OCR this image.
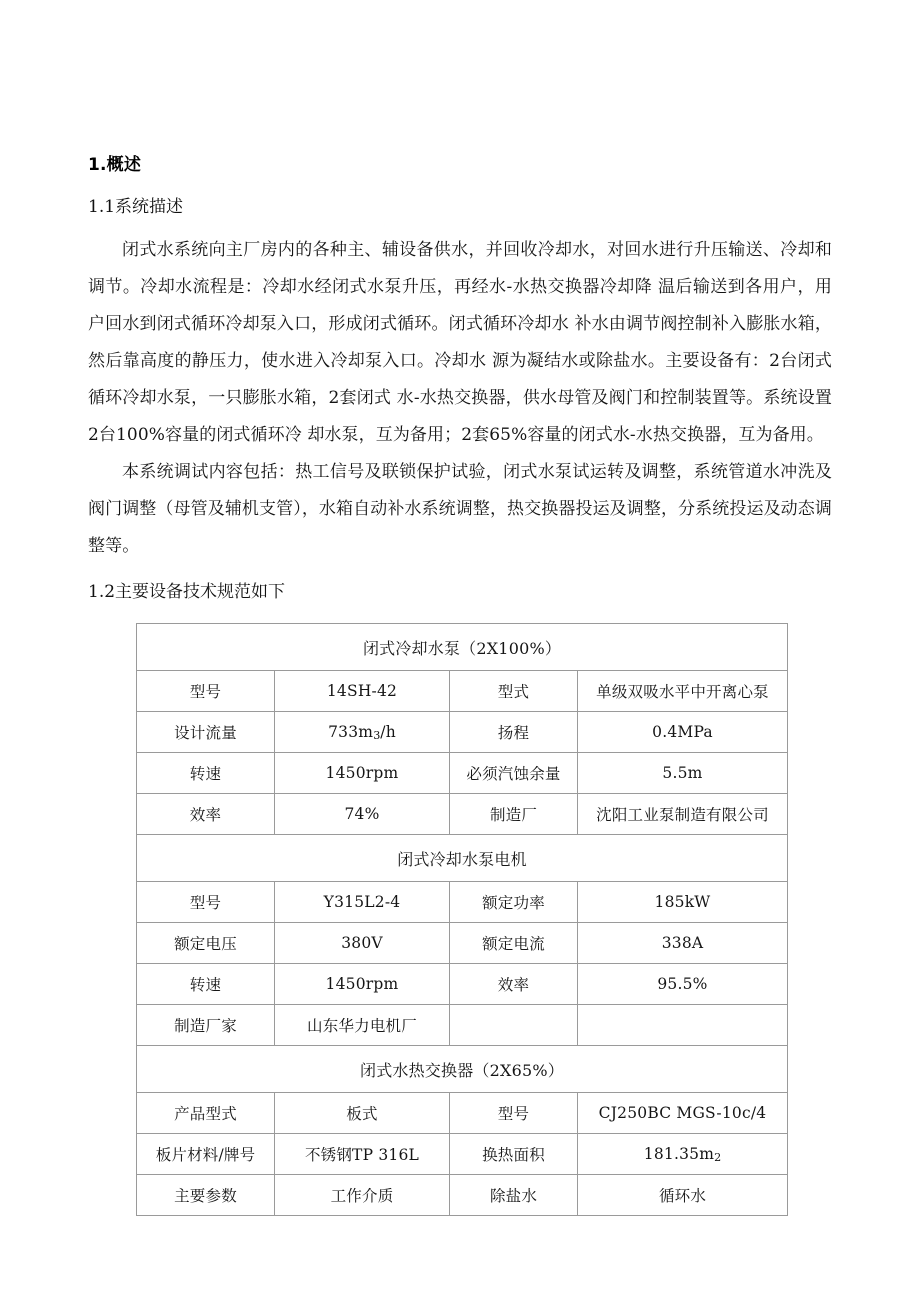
1.概述
1.1系统描述

闭式水系统向主厂房内的各种主、辅设备供水，并回收冷却水，对回水进行升压输送、冷却和调节。冷却水流程是：冷却水经闭式水泵升压，再经水-水热交换器冷却降 温后输送到各用户，用户回水到闭式循环冷却泵入口，形成闭式循环。闭式循环冷却水 补水由调节阀控制补入膨胀水箱，然后靠高度的静压力，使水进入冷却泵入口。冷却水 源为凝结水或除盐水。主要设备有：2台闭式循环冷却水泵，一只膨胀水箱，2套闭式 水-水热交换器，供水母管及阀门和控制装置等。系统设置2台100%容量的闭式循环冷 却水泵，互为备用；2套65%容量的闭式水-水热交换器，互为备用。

本系统调试内容包括：热工信号及联锁保护试验，闭式水泵试运转及调整，系统管道水冲洗及阀门调整（母管及辅机支管），水箱自动补水系统调整，热交换器投运及调整，分系统投运及动态调整等。

1.2主要设备技术规范如下
闭式冷却水泵（2X100%）			
型号	14SH-42	型式	单级双吸水平中开离心泵
设计流量	733m3/h	扬程	0.4MPa
转速	1450rpm	必须汽蚀余量	5.5m
效率	74%	制造厂	沈阳工业泵制造有限公司
闭式冷却水泵电机			
型号	Y315L2-4	额定功率	185kW
额定电压	380V	额定电流	338A
转速	1450rpm	效率	95.5%
制造厂家	山东华力电机厂		
闭式水热交换器（2X65%）			
产品型式	板式	型号	CJ250BC MGS-10c/4
板片材料/牌号	不锈钢TP 316L	换热面积	181.35m2
主要参数	工作介质	除盐水	循环水
